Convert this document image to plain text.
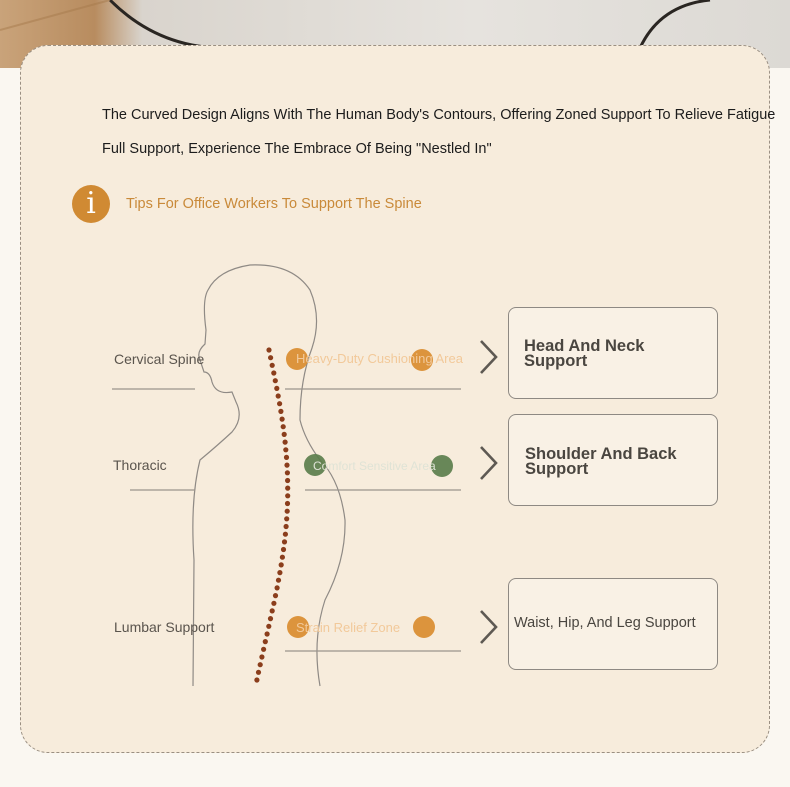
The Curved Design Aligns With The Human Body's Contours, Offering Zoned Support To Relieve Fatigue
Full Support, Experience The Embrace Of Being "Nestled In"
i	Tips For Office Workers To Support The Spine
Cervical Spine	Heavy-Duty Cushioning Area
Head And Neck Support
Thoracic	Comfort Sensitive Area
Shoulder And Back Support
Lumbar Support	Strain Relief Zone	Waist, Hip, And Leg Support
